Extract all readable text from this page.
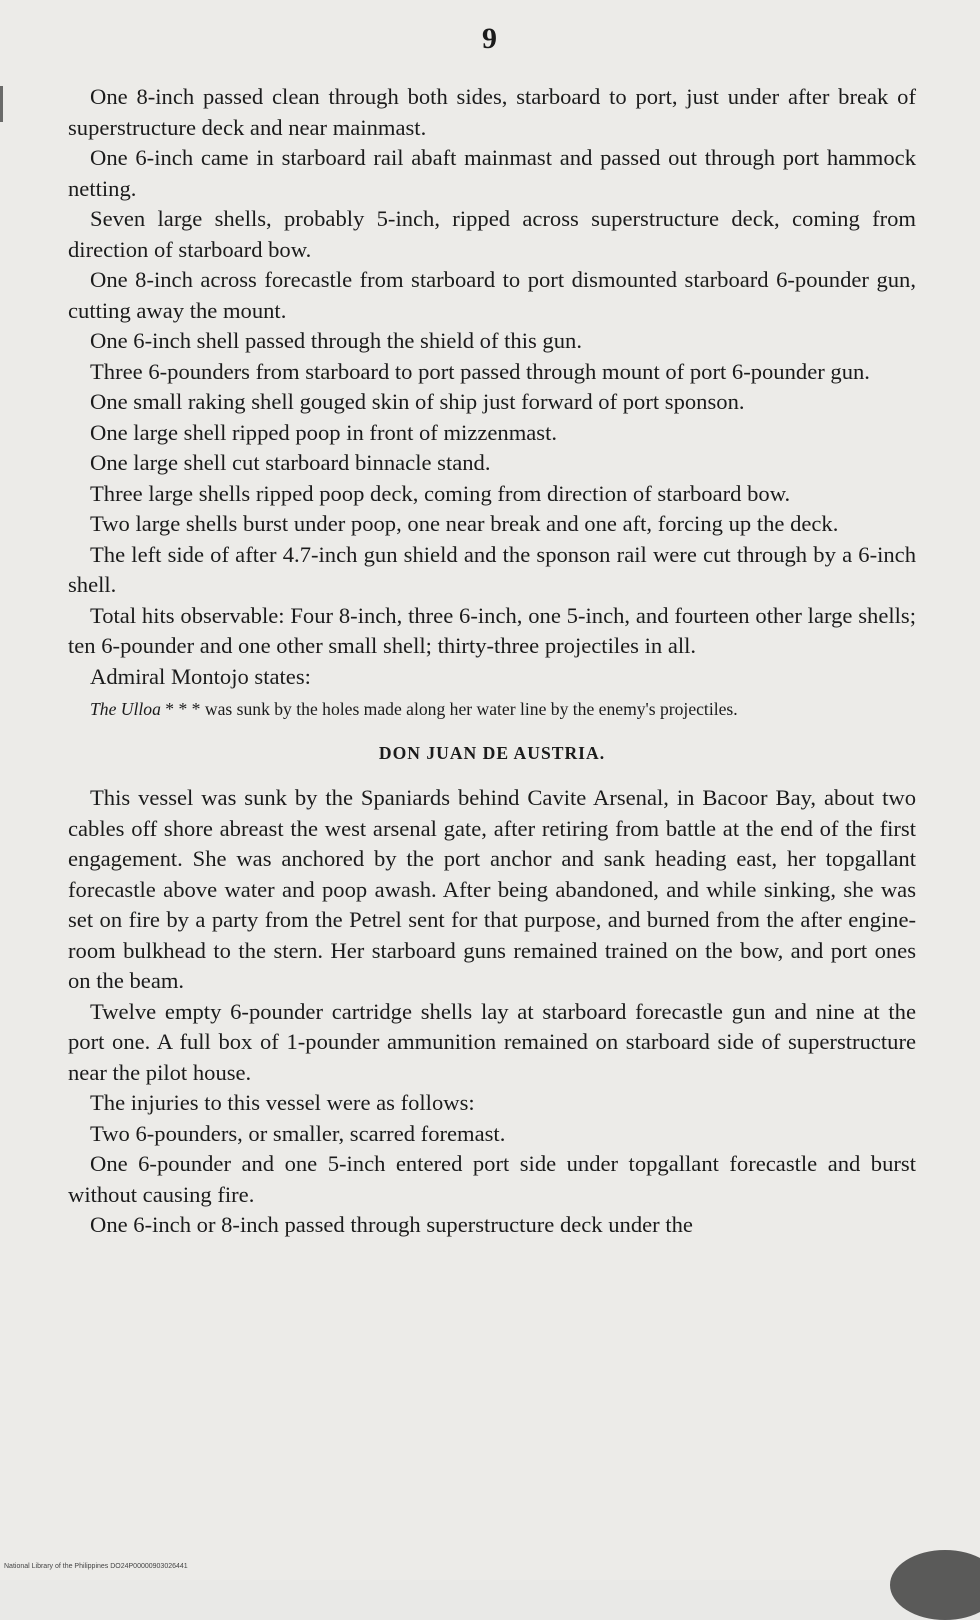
9

One 8-inch passed clean through both sides, starboard to port, just under after break of superstructure deck and near mainmast.

One 6-inch came in starboard rail abaft mainmast and passed out through port hammock netting.

Seven large shells, probably 5-inch, ripped across superstructure deck, coming from direction of starboard bow.

One 8-inch across forecastle from starboard to port dismounted starboard 6-pounder gun, cutting away the mount.

One 6-inch shell passed through the shield of this gun.

Three 6-pounders from starboard to port passed through mount of port 6-pounder gun.

One small raking shell gouged skin of ship just forward of port sponson.

One large shell ripped poop in front of mizzenmast.

One large shell cut starboard binnacle stand.

Three large shells ripped poop deck, coming from direction of starboard bow.

Two large shells burst under poop, one near break and one aft, forcing up the deck.

The left side of after 4.7-inch gun shield and the sponson rail were cut through by a 6-inch shell.

Total hits observable: Four 8-inch, three 6-inch, one 5-inch, and fourteen other large shells; ten 6-pounder and one other small shell; thirty-three projectiles in all.

Admiral Montojo states:

The Ulloa * * * was sunk by the holes made along her water line by the enemy's projectiles.

DON JUAN DE AUSTRIA.

This vessel was sunk by the Spaniards behind Cavite Arsenal, in Bacoor Bay, about two cables off shore abreast the west arsenal gate, after retiring from battle at the end of the first engagement. She was anchored by the port anchor and sank heading east, her topgallant forecastle above water and poop awash. After being abandoned, and while sinking, she was set on fire by a party from the Petrel sent for that purpose, and burned from the after engine-room bulkhead to the stern. Her starboard guns remained trained on the bow, and port ones on the beam.

Twelve empty 6-pounder cartridge shells lay at starboard forecastle gun and nine at the port one. A full box of 1-pounder ammunition remained on starboard side of superstructure near the pilot house.

The injuries to this vessel were as follows:

Two 6-pounders, or smaller, scarred foremast.

One 6-pounder and one 5-inch entered port side under topgallant forecastle and burst without causing fire.

One 6-inch or 8-inch passed through superstructure deck under the

National Library of the Philippines DO24P00000903026441
